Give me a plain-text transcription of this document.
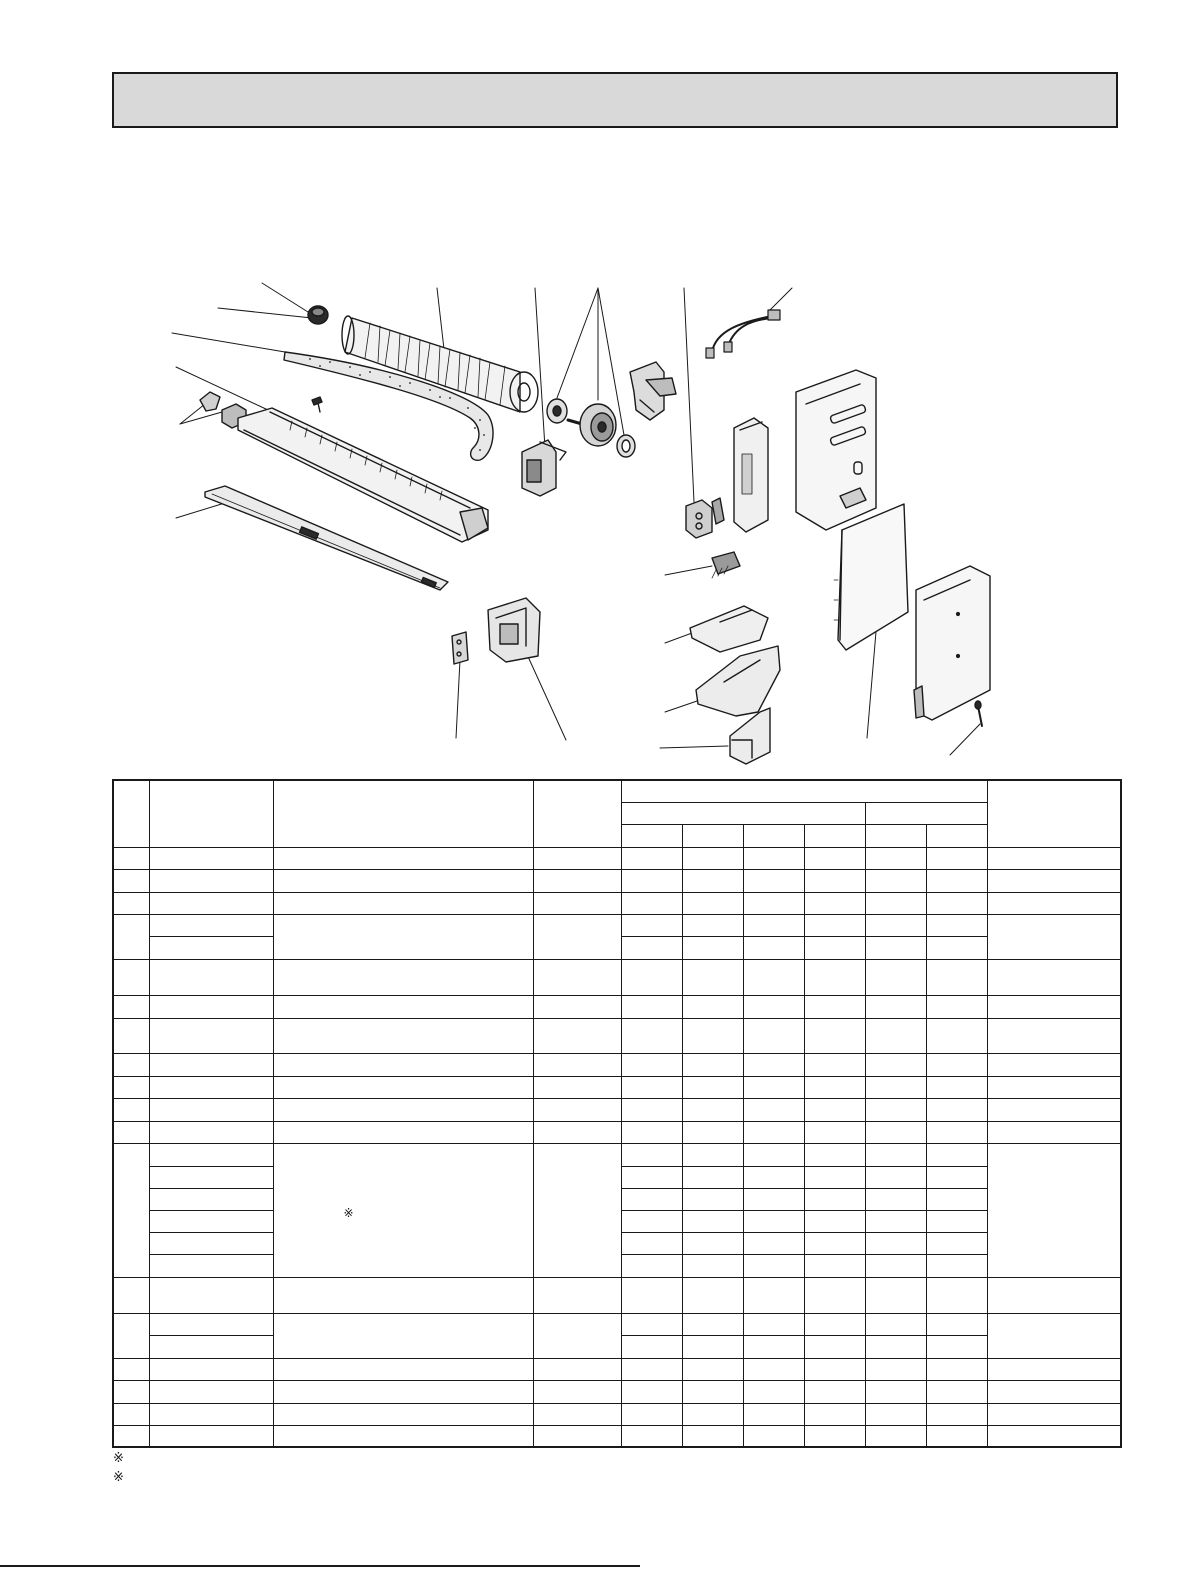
		※								

※
※
